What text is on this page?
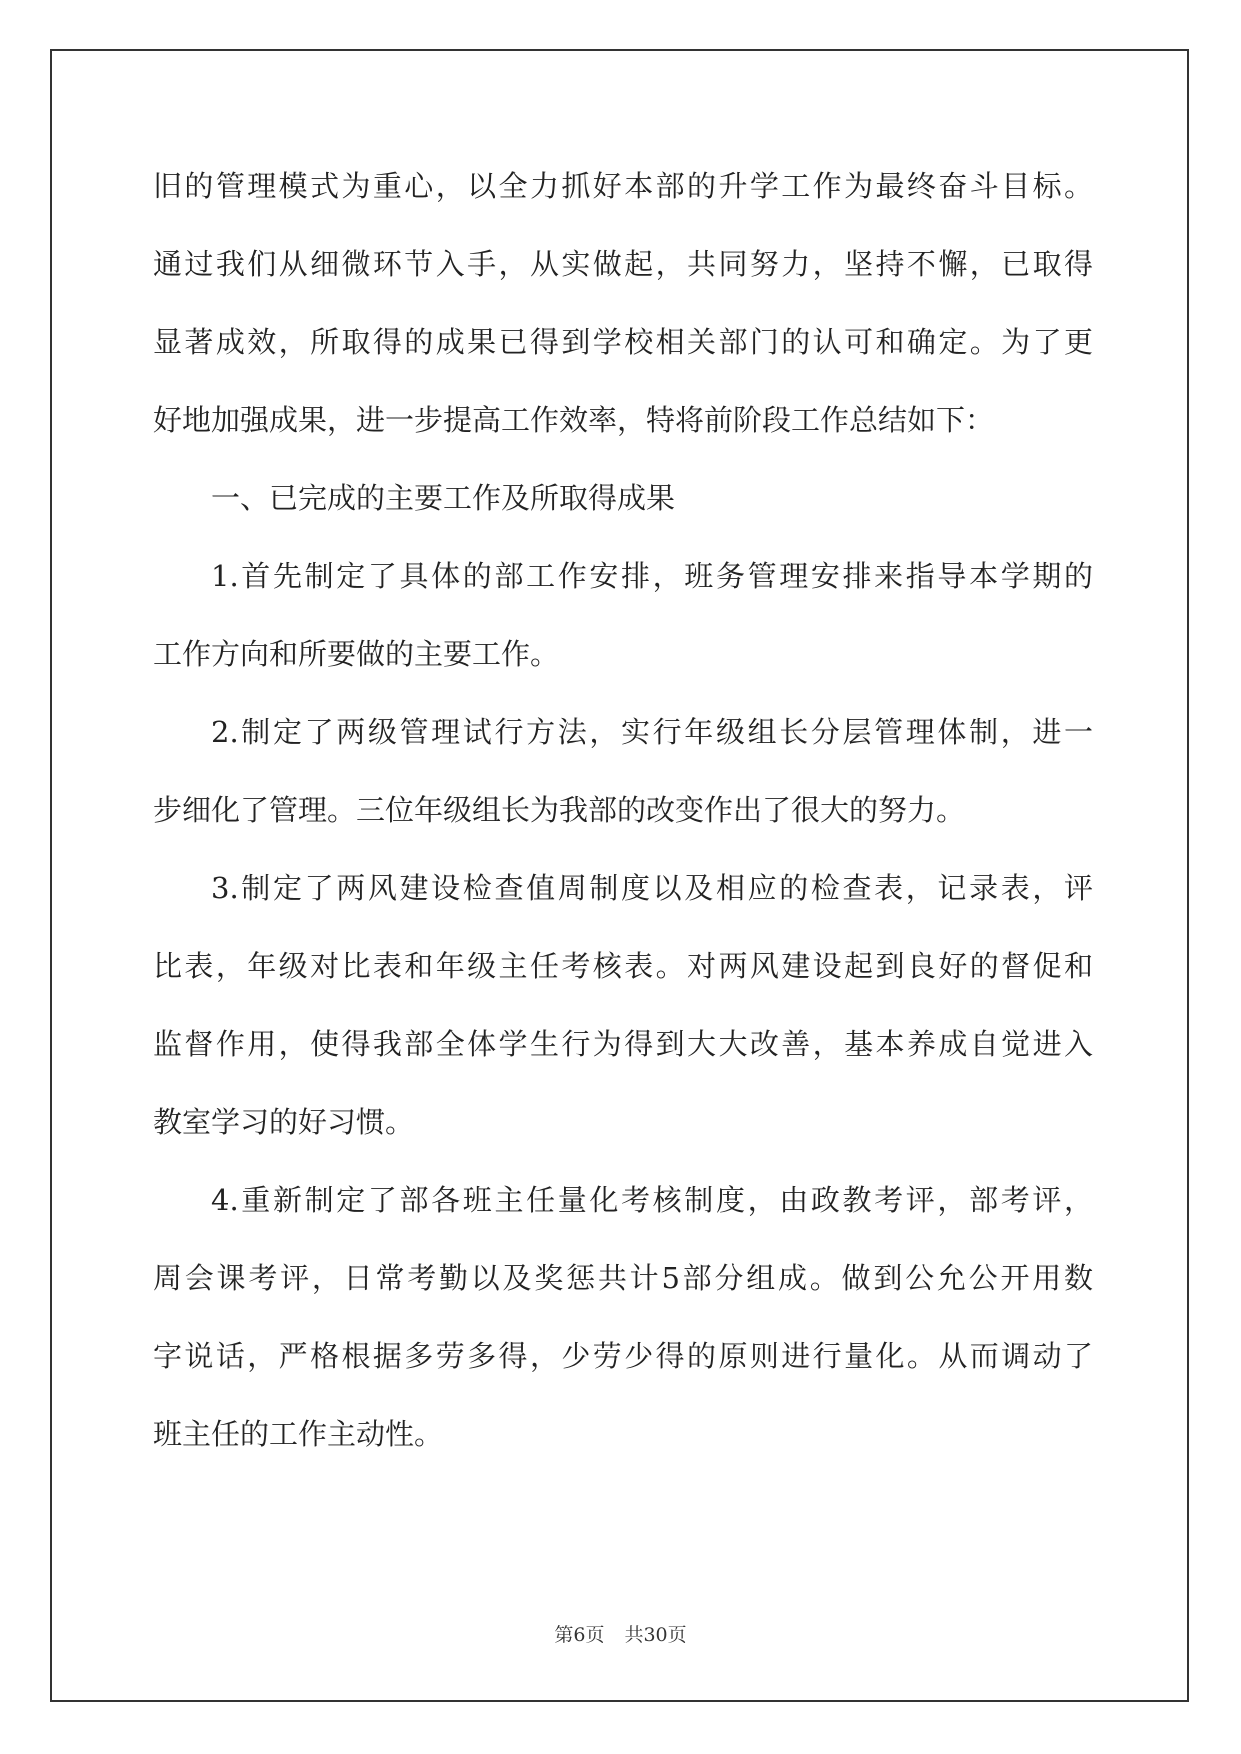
旧的管理模式为重心，以全力抓好本部的升学工作为最终奋斗目标。
通过我们从细微环节入手，从实做起，共同努力，坚持不懈，已取得
显著成效，所取得的成果已得到学校相关部门的认可和确定。为了更
好地加强成果，进一步提高工作效率，特将前阶段工作总结如下：
一、已完成的主要工作及所取得成果
1.首先制定了具体的部工作安排，班务管理安排来指导本学期的
工作方向和所要做的主要工作。
2.制定了两级管理试行方法，实行年级组长分层管理体制，进一
步细化了管理。三位年级组长为我部的改变作出了很大的努力。
3.制定了两风建设检查值周制度以及相应的检查表，记录表，评
比表，年级对比表和年级主任考核表。对两风建设起到良好的督促和
监督作用，使得我部全体学生行为得到大大改善，基本养成自觉进入
教室学习的好习惯。
4.重新制定了部各班主任量化考核制度，由政教考评，部考评，
周会课考评，日常考勤以及奖惩共计5部分组成。做到公允公开用数
字说话，严格根据多劳多得，少劳少得的原则进行量化。从而调动了
班主任的工作主动性。
第6页 共30页
